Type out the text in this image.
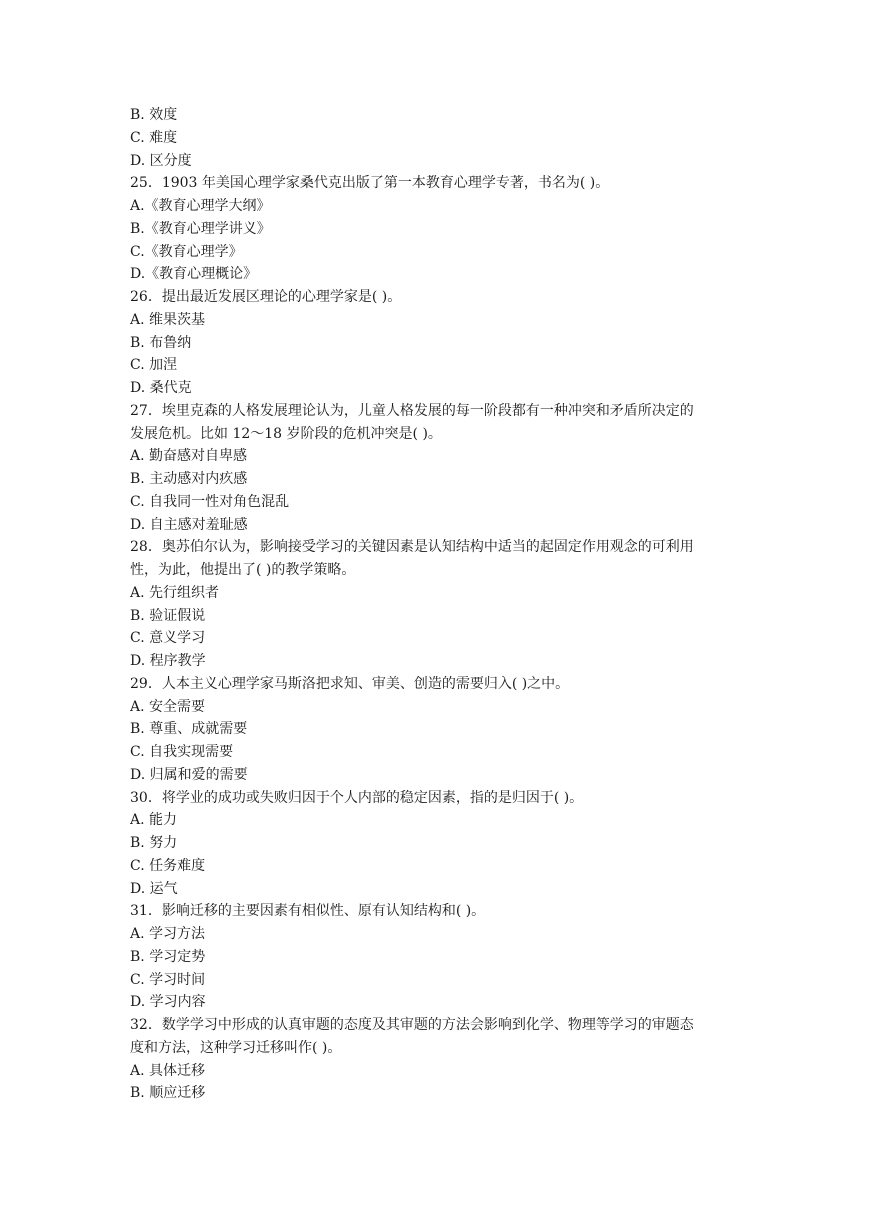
B. 效度
C. 难度
D. 区分度
25．1903 年美国心理学家桑代克出版了第一本教育心理学专著，书名为( )。
A.《教育心理学大纲》
B.《教育心理学讲义》
C.《教育心理学》
D.《教育心理概论》
26．提出最近发展区理论的心理学家是( )。
A. 维果茨基
B. 布鲁纳
C. 加涅
D. 桑代克
27．埃里克森的人格发展理论认为，儿童人格发展的每一阶段都有一种冲突和矛盾所决定的
发展危机。比如 12～18 岁阶段的危机冲突是( )。
A. 勤奋感对自卑感
B. 主动感对内疚感
C. 自我同一性对角色混乱
D. 自主感对羞耻感
28．奥苏伯尔认为，影响接受学习的关键因素是认知结构中适当的起固定作用观念的可利用
性，为此，他提出了( )的教学策略。
A. 先行组织者
B. 验证假说
C. 意义学习
D. 程序教学
29．人本主义心理学家马斯洛把求知、审美、创造的需要归入( )之中。
A. 安全需要
B. 尊重、成就需要
C. 自我实现需要
D. 归属和爱的需要
30．将学业的成功或失败归因于个人内部的稳定因素，指的是归因于( )。
A. 能力
B. 努力
C. 任务难度
D. 运气
31．影响迁移的主要因素有相似性、原有认知结构和( )。
A. 学习方法
B. 学习定势
C. 学习时间
D. 学习内容
32．数学学习中形成的认真审题的态度及其审题的方法会影响到化学、物理等学习的审题态
度和方法，这种学习迁移叫作( )。
A. 具体迁移
B. 顺应迁移
